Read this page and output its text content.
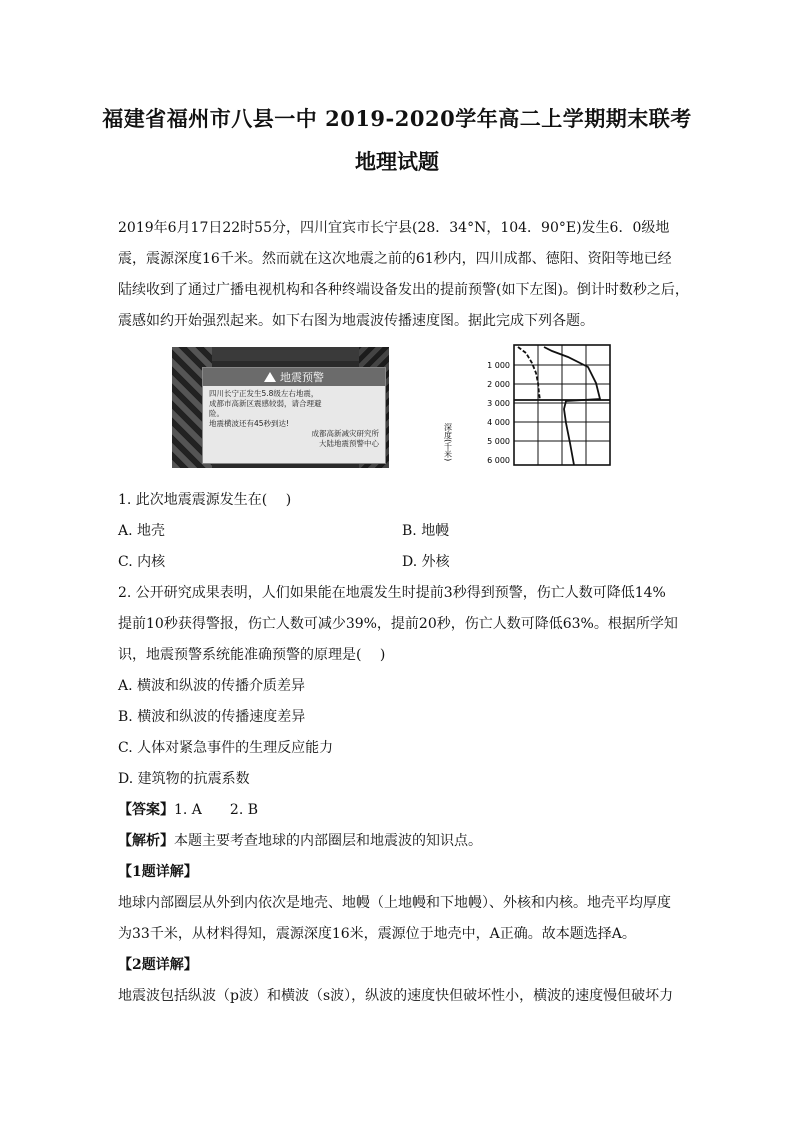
福建省福州市八县一中 2019-2020学年高二上学期期末联考
地理试题
2019年6月17日22时55分，四川宜宾市长宁县(28．34°N，104．90°E)发生6．0级地
震，震源深度16千米。然而就在这次地震之前的61秒内，四川成都、德阳、资阳等地已经
陆续收到了通过广播电视机构和各种终端设备发出的提前预警(如下左图)。倒计时数秒之后，
震感如约开始强烈起来。如下右图为地震波传播速度图。据此完成下列各题。
地震预警
四川长宁正发生5.8级左右地震，
成都市高新区震感较弱，请合理避
险。
地震横波还有45秒到达!
成都高新减灾研究所
大陆地震预警中心
1 000
2 000
3 000
4 000
5 000
6 000
深度(千米)
1. 此次地震震源发生在(　 )
A. 地壳	B. 地幔
C. 内核	D. 外核
2. 公开研究成果表明，人们如果能在地震发生时提前3秒得到预警，伤亡人数可降低14%
提前10秒获得警报，伤亡人数可减少39%，提前20秒，伤亡人数可降低63%。根据所学知
识，地震预警系统能准确预警的原理是(　 )
A. 横波和纵波的传播介质差异
B. 横波和纵波的传播速度差异
C. 人体对紧急事件的生理反应能力
D. 建筑物的抗震系数
【答案】1. A　　2. B
【解析】本题主要考查地球的内部圈层和地震波的知识点。
【1题详解】
地球内部圈层从外到内依次是地壳、地幔（上地幔和下地幔）、外核和内核。地壳平均厚度
为33千米，从材料得知，震源深度16米，震源位于地壳中，A正确。故本题选择A。
【2题详解】
地震波包括纵波（p波）和横波（s波），纵波的速度快但破坏性小，横波的速度慢但破坏力
